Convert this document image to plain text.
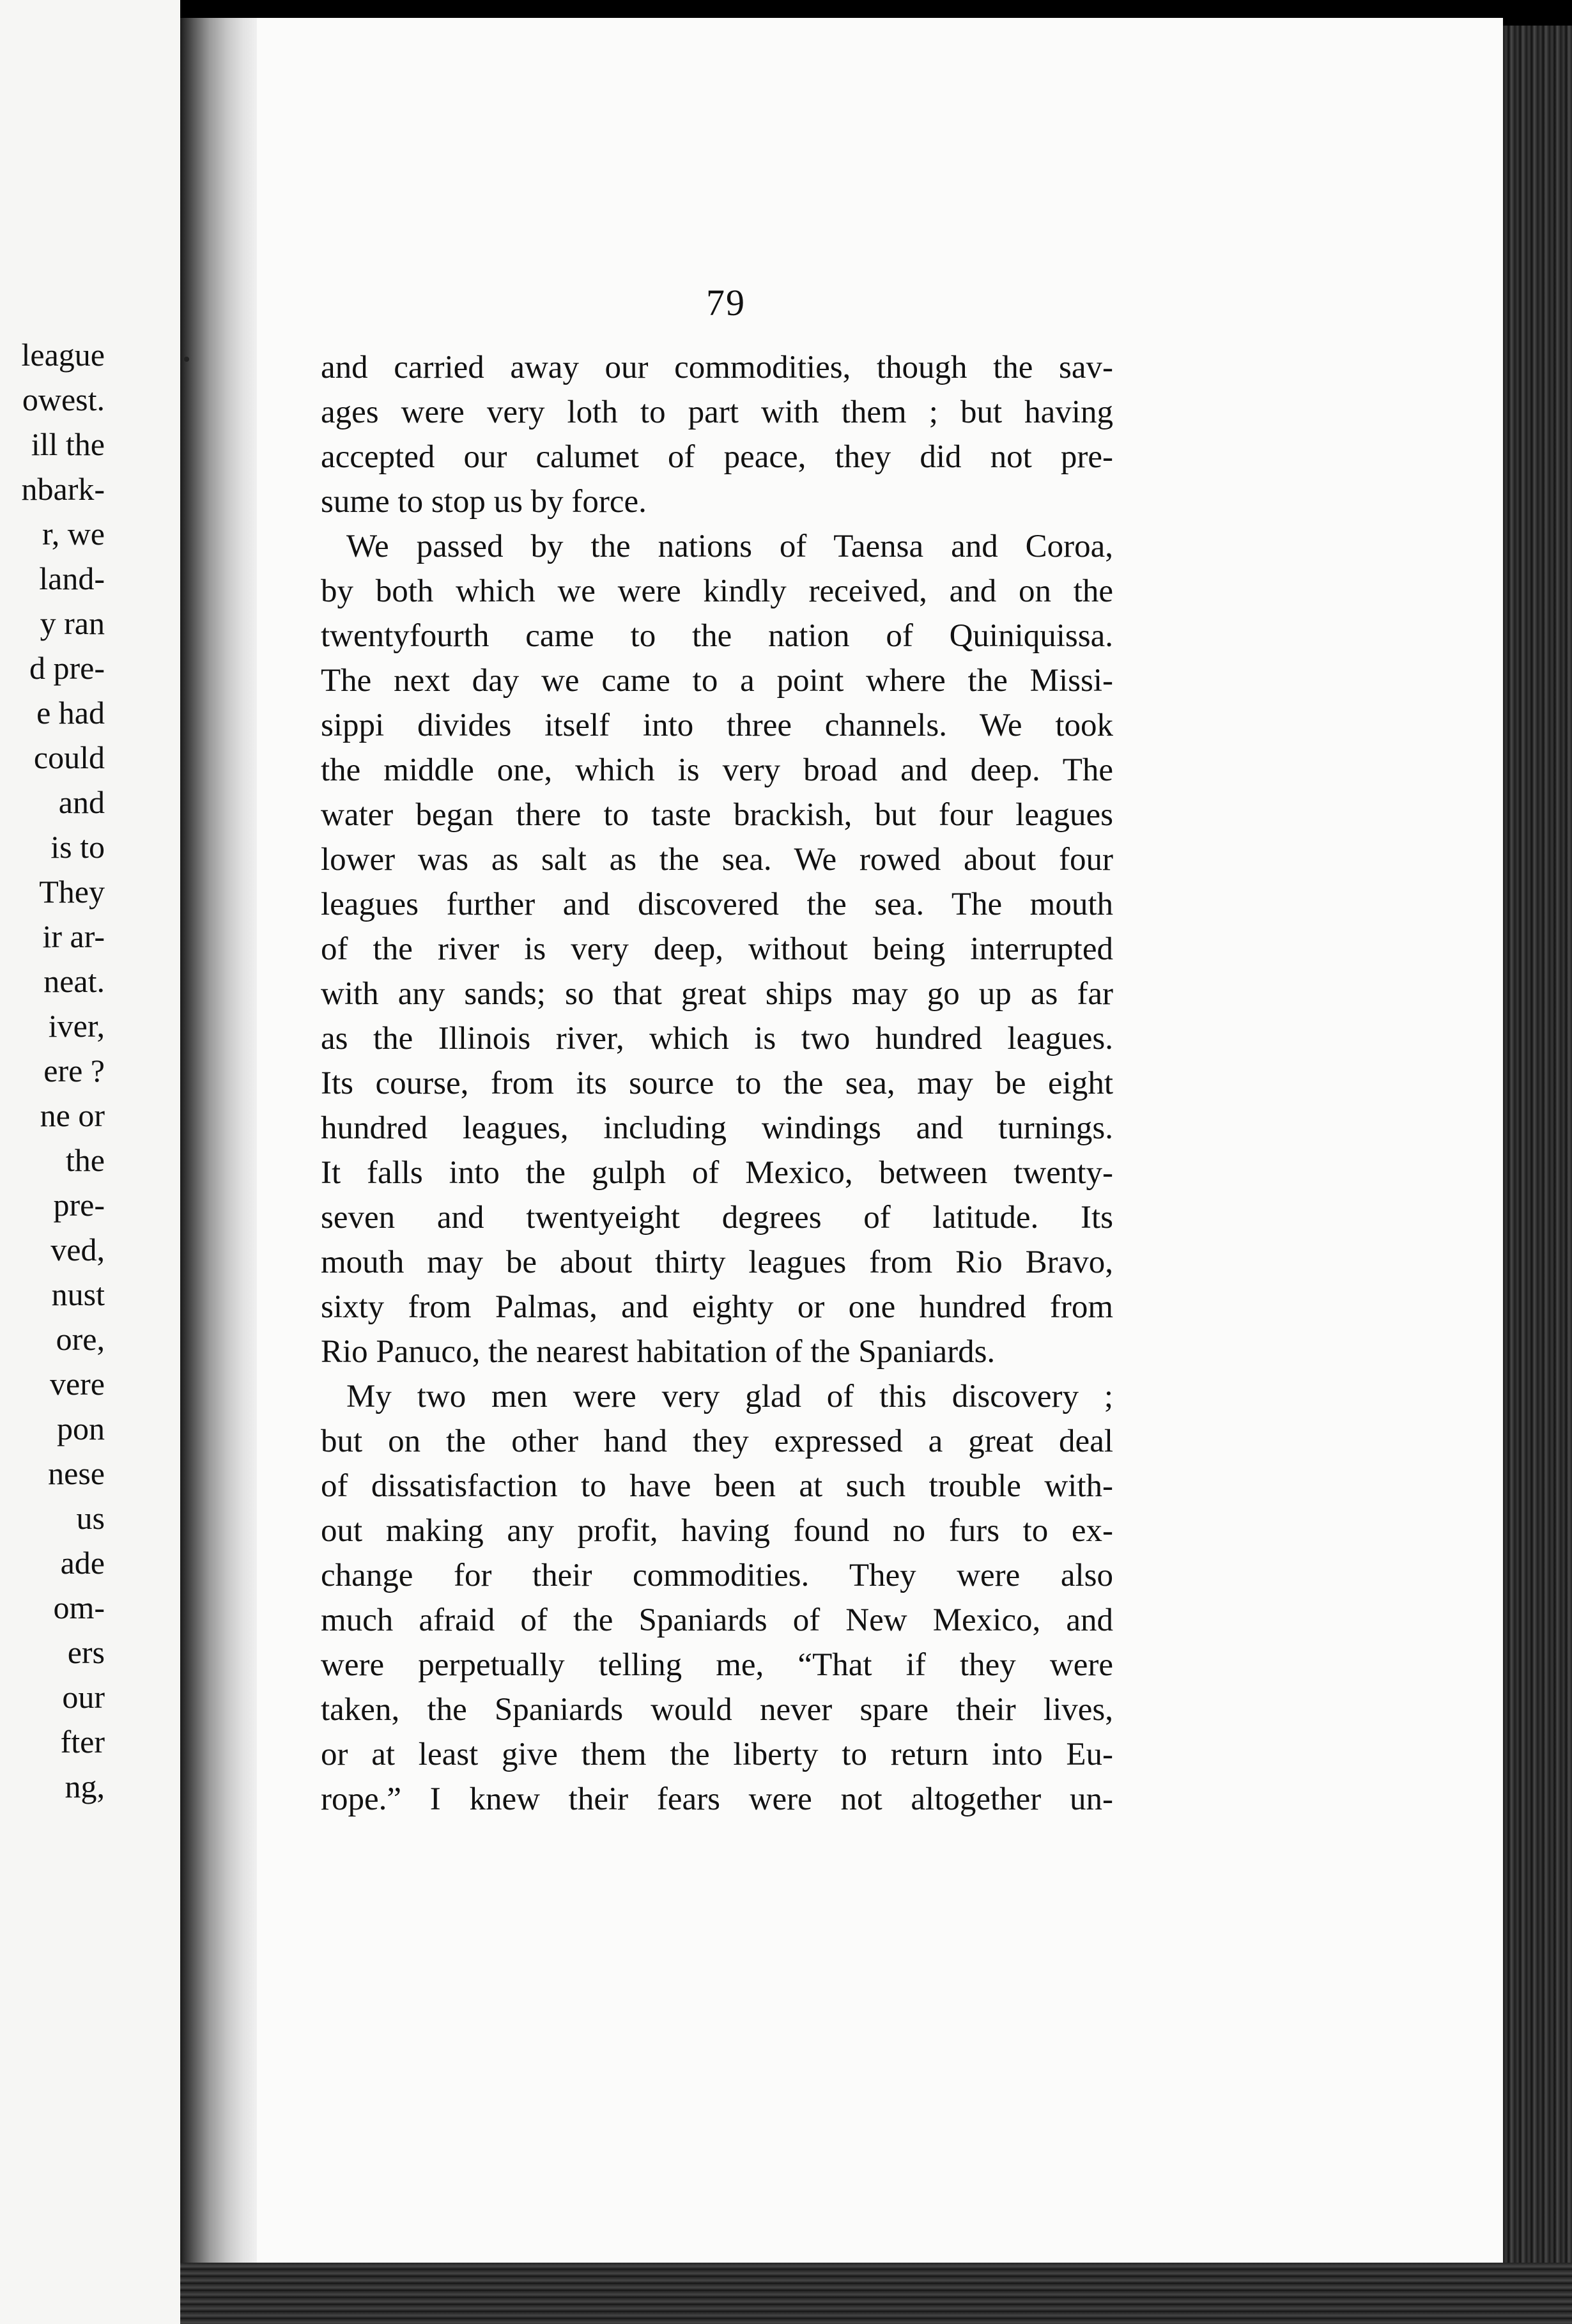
league
owest.
ill the
nbark-
r, we
land-
y ran
d pre-
e had
could
and
is to
They
ir ar-
neat.
iver,
ere ?
ne or
the
pre-
ved,
nust
ore,
vere
pon
nese
us
ade
om-
ers
our
fter
ng,
79
and carried away our commodities, though the sav-
ages were very loth to part with them ; but having
accepted our calumet of peace, they did not pre-
sume to stop us by force.
We passed by the nations of Taensa and Coroa,
by both which we were kindly received, and on the
twentyfourth came to the nation of Quiniquissa.
The next day we came to a point where the Missi-
sippi divides itself into three channels. We took
the middle one, which is very broad and deep. The
water began there to taste brackish, but four leagues
lower was as salt as the sea. We rowed about four
leagues further and discovered the sea. The mouth
of the river is very deep, without being interrupted
with any sands; so that great ships may go up as far
as the Illinois river, which is two hundred leagues.
Its course, from its source to the sea, may be eight
hundred leagues, including windings and turnings.
It falls into the gulph of Mexico, between twenty-
seven and twentyeight degrees of latitude. Its
mouth may be about thirty leagues from Rio Bravo,
sixty from Palmas, and eighty or one hundred from
Rio Panuco, the nearest habitation of the Spaniards.
My two men were very glad of this discovery ;
but on the other hand they expressed a great deal
of dissatisfaction to have been at such trouble with-
out making any profit, having found no furs to ex-
change for their commodities. They were also
much afraid of the Spaniards of New Mexico, and
were perpetually telling me, “That if they were
taken, the Spaniards would never spare their lives,
or at least give them the liberty to return into Eu-
rope.” I knew their fears were not altogether un-
